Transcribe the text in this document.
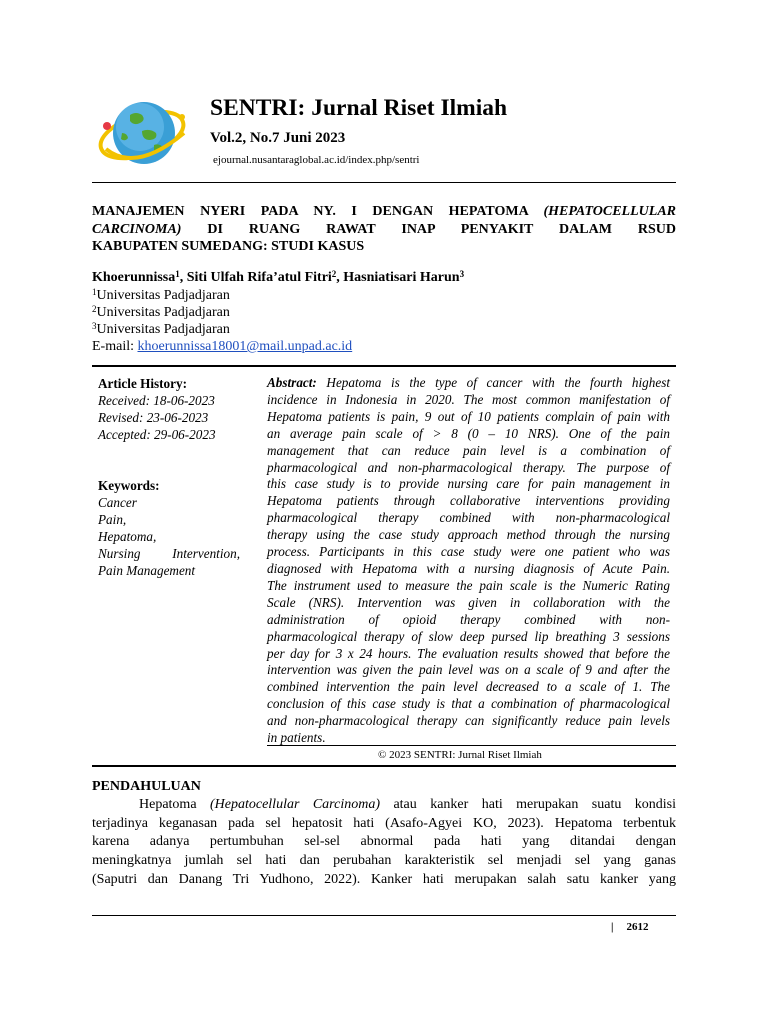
SENTRI: Jurnal Riset Ilmiah
Vol.2, No.7 Juni 2023
ejournal.nusantaraglobal.ac.id/index.php/sentri
MANAJEMEN NYERI PADA NY. I DENGAN HEPATOMA (HEPATOCELLULAR
CARCINOMA) DI RUANG RAWAT INAP PENYAKIT DALAM RSUD
KABUPATEN SUMEDANG: STUDI KASUS
Khoerunnissa$^1$, Siti Ulfah Rifa’atul Fitri$^2$, Hasniatisari Harun$^3$
$^1$Universitas Padjadjaran
$^2$Universitas Padjadjaran
$^3$Universitas Padjadjaran
E-mail: khoerunnissa18001@mail.unpad.ac.id
Article History:
Received: 18-06-2023
Revised: 23-06-2023
Accepted: 29-06-2023
Keywords:
Cancer
Pain,
Hepatoma,
Nursing Intervention,
Pain Management
Abstract: Hepatoma is the type of cancer with the fourth highest
incidence in Indonesia in 2020. The most common manifestation of
Hepatoma patients is pain, 9 out of 10 patients complain of pain with
an average pain scale of > 8 (0 – 10 NRS). One of the pain
management that can reduce pain level is a combination of
pharmacological and non-pharmacological therapy. The purpose of
this case study is to provide nursing care for pain management in
Hepatoma patients through collaborative interventions providing
pharmacological therapy combined with non-pharmacological
therapy using the case study approach method through the nursing
process. Participants in this case study were one patient who was
diagnosed with Hepatoma with a nursing diagnosis of Acute Pain.
The instrument used to measure the pain scale is the Numeric Rating
Scale (NRS). Intervention was given in collaboration with the
administration of opioid therapy combined with non-
pharmacological therapy of slow deep pursed lip breathing 3 sessions
per day for 3 x 24 hours. The evaluation results showed that before the
intervention was given the pain level was on a scale of 9 and after the
combined intervention the pain level decreased to a scale of 1. The
conclusion of this case study is that a combination of pharmacological
and non-pharmacological therapy can significantly reduce pain levels
in patients.
© 2023 SENTRI: Jurnal Riset Ilmiah
PENDAHULUAN
Hepatoma (Hepatocellular Carcinoma) atau kanker hati merupakan suatu kondisi
terjadinya keganasan pada sel hepatosit hati (Asafo-Agyei KO, 2023). Hepatoma terbentuk
karena adanya pertumbuhan sel-sel abnormal pada hati yang ditandai dengan
meningkatnya jumlah sel hati dan perubahan karakteristik sel menjadi sel yang ganas
(Saputri dan Danang Tri Yudhono, 2022). Kanker hati merupakan salah satu kanker yang
| 2612
